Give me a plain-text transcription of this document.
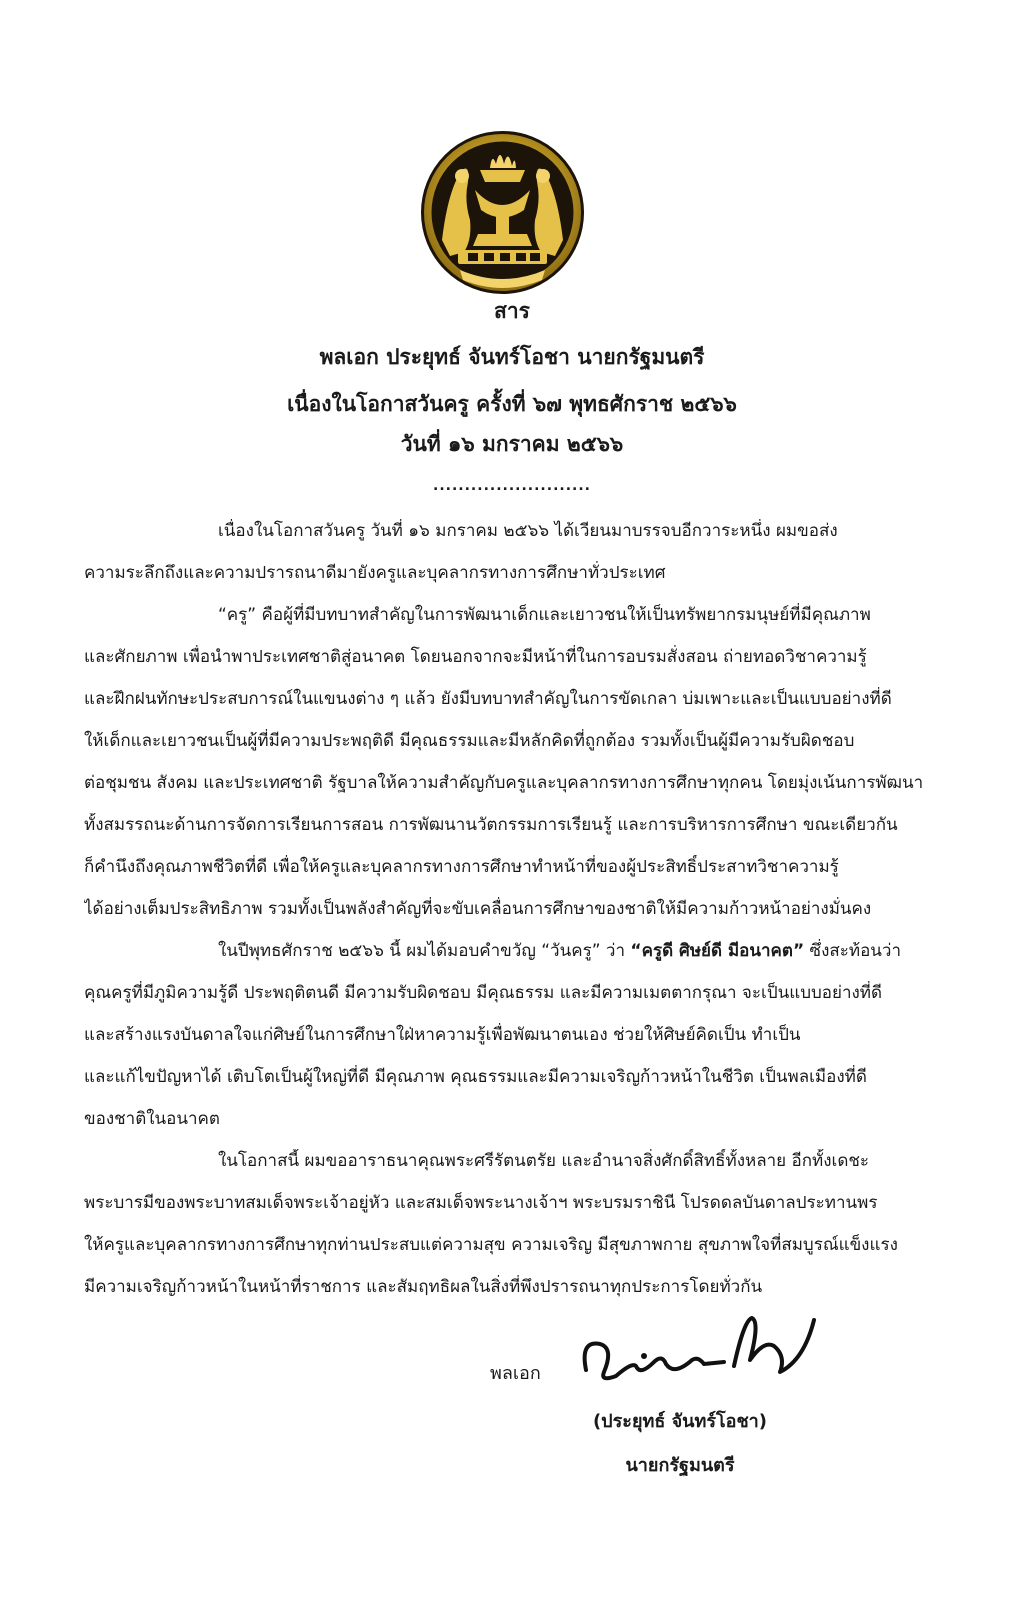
สาร
พลเอก ประยุทธ์ จันทร์โอชา นายกรัฐมนตรี
เนื่องในโอกาสวันครู ครั้งที่ ๖๗ พุทธศักราช ๒๕๖๖
วันที่ ๑๖ มกราคม ๒๕๖๖
.........................
เนื่องในโอกาสวันครู วันที่ ๑๖ มกราคม ๒๕๖๖ ได้เวียนมาบรรจบอีกวาระหนึ่ง ผมขอส่ง
ความระลึกถึงและความปรารถนาดีมายังครูและบุคลากรทางการศึกษาทั่วประเทศ
“ครู” คือผู้ที่มีบทบาทสำคัญในการพัฒนาเด็กและเยาวชนให้เป็นทรัพยากรมนุษย์ที่มีคุณภาพ
และศักยภาพ เพื่อนำพาประเทศชาติสู่อนาคต โดยนอกจากจะมีหน้าที่ในการอบรมสั่งสอน ถ่ายทอดวิชาความรู้
และฝึกฝนทักษะประสบการณ์ในแขนงต่าง ๆ แล้ว ยังมีบทบาทสำคัญในการขัดเกลา บ่มเพาะและเป็นแบบอย่างที่ดี
ให้เด็กและเยาวชนเป็นผู้ที่มีความประพฤติดี มีคุณธรรมและมีหลักคิดที่ถูกต้อง รวมทั้งเป็นผู้มีความรับผิดชอบ
ต่อชุมชน สังคม และประเทศชาติ รัฐบาลให้ความสำคัญกับครูและบุคลากรทางการศึกษาทุกคน โดยมุ่งเน้นการพัฒนา
ทั้งสมรรถนะด้านการจัดการเรียนการสอน การพัฒนานวัตกรรมการเรียนรู้ และการบริหารการศึกษา ขณะเดียวกัน
ก็คำนึงถึงคุณภาพชีวิตที่ดี เพื่อให้ครูและบุคลากรทางการศึกษาทำหน้าที่ของผู้ประสิทธิ์ประสาทวิชาความรู้
ได้อย่างเต็มประสิทธิภาพ รวมทั้งเป็นพลังสำคัญที่จะขับเคลื่อนการศึกษาของชาติให้มีความก้าวหน้าอย่างมั่นคง
ในปีพุทธศักราช ๒๕๖๖ นี้ ผมได้มอบคำขวัญ “วันครู” ว่า “ครูดี ศิษย์ดี มีอนาคต” ซึ่งสะท้อนว่า
คุณครูที่มีภูมิความรู้ดี ประพฤติตนดี มีความรับผิดชอบ มีคุณธรรม และมีความเมตตากรุณา จะเป็นแบบอย่างที่ดี
และสร้างแรงบันดาลใจแก่ศิษย์ในการศึกษาใฝ่หาความรู้เพื่อพัฒนาตนเอง ช่วยให้ศิษย์คิดเป็น ทำเป็น
และแก้ไขปัญหาได้ เติบโตเป็นผู้ใหญ่ที่ดี มีคุณภาพ คุณธรรมและมีความเจริญก้าวหน้าในชีวิต เป็นพลเมืองที่ดี
ของชาติในอนาคต
ในโอกาสนี้ ผมขออาราธนาคุณพระศรีรัตนตรัย และอำนาจสิ่งศักดิ์สิทธิ์ทั้งหลาย อีกทั้งเดชะ
พระบารมีของพระบาทสมเด็จพระเจ้าอยู่หัว และสมเด็จพระนางเจ้าฯ พระบรมราชินี โปรดดลบันดาลประทานพร
ให้ครูและบุคลากรทางการศึกษาทุกท่านประสบแต่ความสุข ความเจริญ มีสุขภาพกาย สุขภาพใจที่สมบูรณ์แข็งแรง
มีความเจริญก้าวหน้าในหน้าที่ราชการ และสัมฤทธิผลในสิ่งที่พึงปรารถนาทุกประการโดยทั่วกัน
พลเอก
(ประยุทธ์ จันทร์โอชา)
นายกรัฐมนตรี
